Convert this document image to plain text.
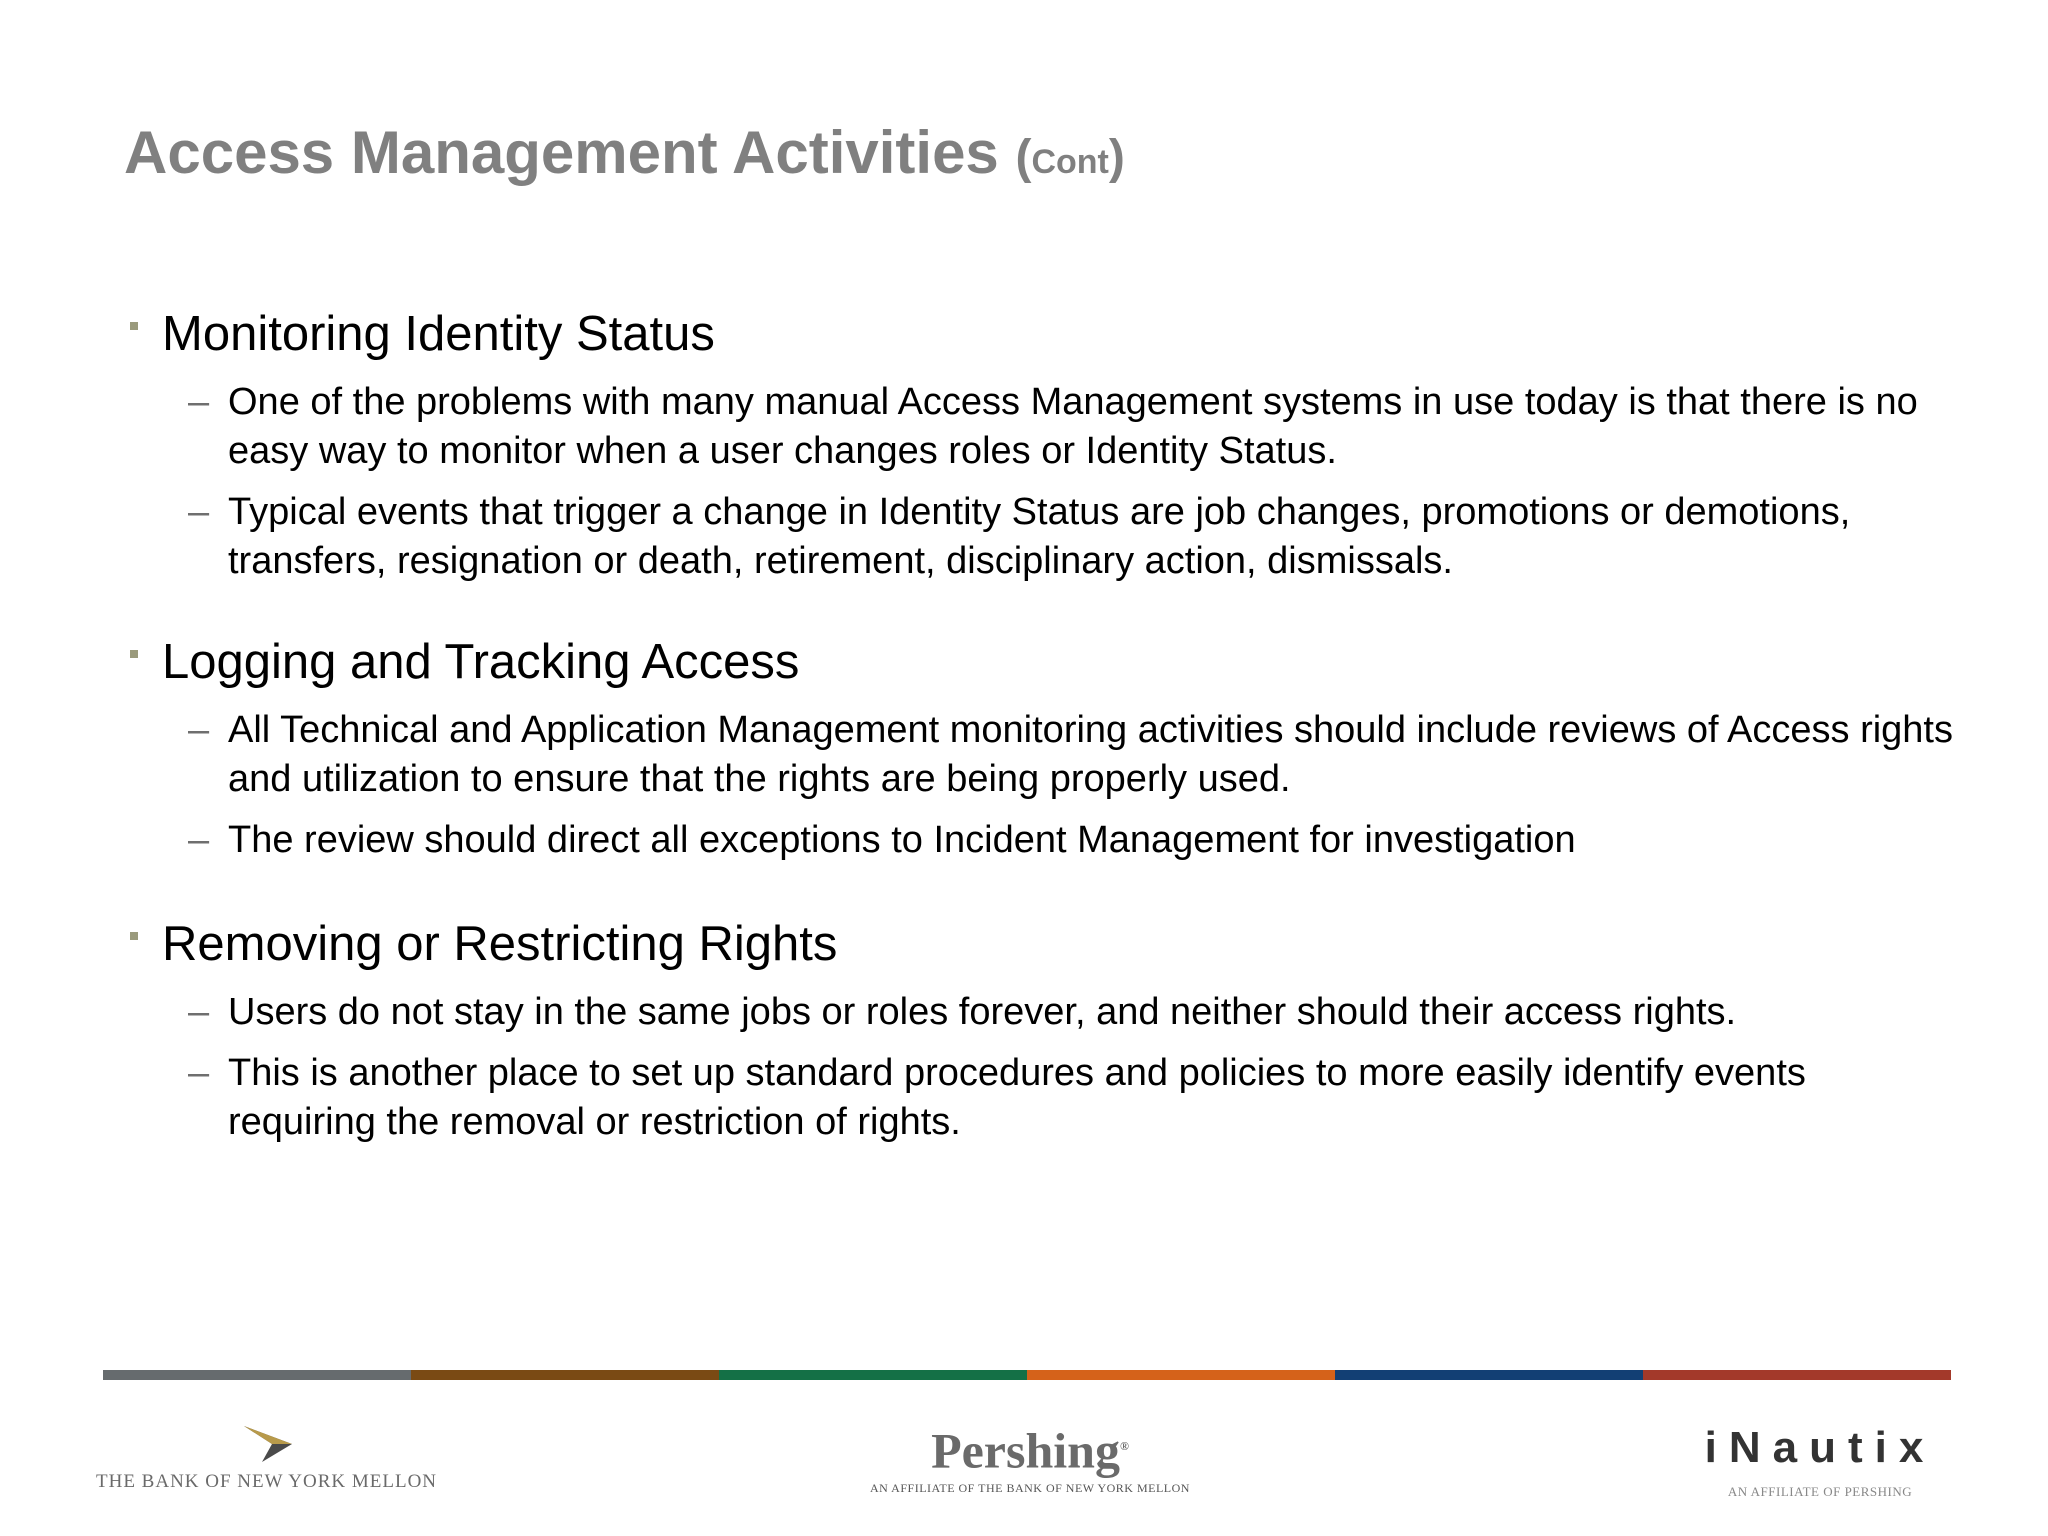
Access Management Activities (Cont)
Monitoring Identity Status
– One of the problems with many manual Access Management systems in use today is that there is no easy way to monitor when a user changes roles or Identity Status.
– Typical events that trigger a change in Identity Status are job changes, promotions or demotions, transfers, resignation or death, retirement, disciplinary action, dismissals.
Logging and Tracking Access
– All Technical and Application Management monitoring activities should include reviews of Access rights and utilization to ensure that the rights are being properly used.
– The review should direct all exceptions to Incident Management for investigation
Removing or Restricting Rights
– Users do not stay in the same jobs or roles forever, and neither should their access rights.
– This is another place to set up standard procedures and policies to more easily identify events requiring the removal or restriction of rights.
THE BANK OF NEW YORK MELLON
Pershing®
AN AFFILIATE OF THE BANK OF NEW YORK MELLON
iNautix
AN AFFILIATE OF PERSHING
